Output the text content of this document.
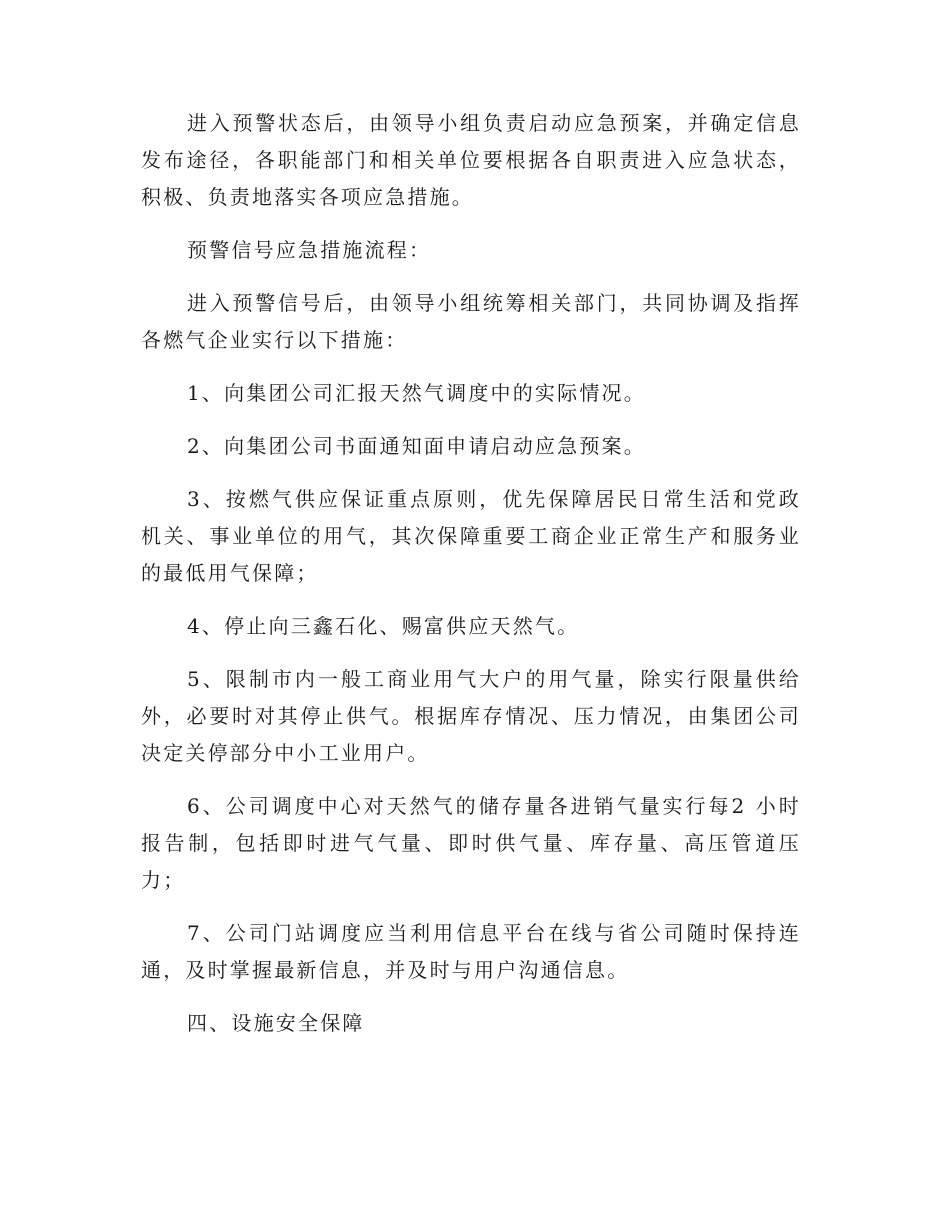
进入预警状态后，由领导小组负责启动应急预案，并确定信息发布途径，各职能部门和相关单位要根据各自职责进入应急状态，积极、负责地落实各项应急措施。

预警信号应急措施流程：

进入预警信号后，由领导小组统筹相关部门，共同协调及指挥各燃气企业实行以下措施：

1、向集团公司汇报天然气调度中的实际情况。

2、向集团公司书面通知面申请启动应急预案。

3、按燃气供应保证重点原则，优先保障居民日常生活和党政机关、事业单位的用气，其次保障重要工商企业正常生产和服务业的最低用气保障；

4、停止向三鑫石化、赐富供应天然气。

5、限制市内一般工商业用气大户的用气量，除实行限量供给外，必要时对其停止供气。根据库存情况、压力情况，由集团公司决定关停部分中小工业用户。

6、公司调度中心对天然气的储存量各进销气量实行每2 小时报告制，包括即时进气气量、即时供气量、库存量、高压管道压力；

7、公司门站调度应当利用信息平台在线与省公司随时保持连通，及时掌握最新信息，并及时与用户沟通信息。

四、设施安全保障
